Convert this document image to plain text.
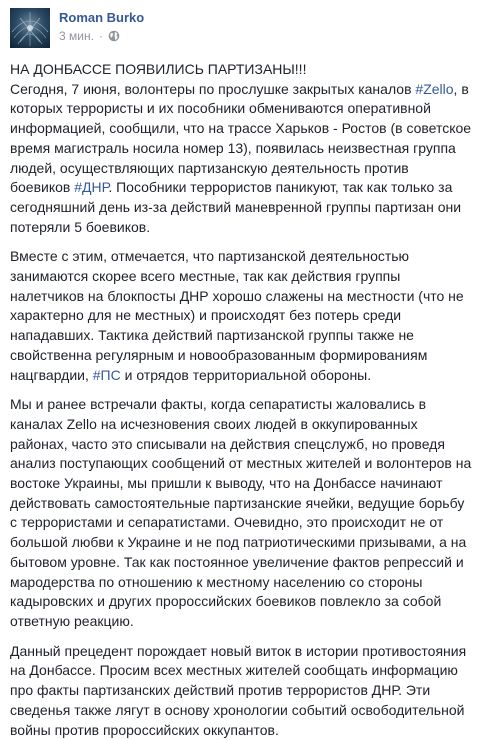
Roman Burko
3 мин. ·

НА ДОНБАССЕ ПОЯВИЛИСЬ ПАРТИЗАНЫ!!!
Сегодня, 7 июня, волонтеры по прослушке закрытых каналов #Zello, в которых террористы и их пособники обмениваются оперативной информацией, сообщили, что на трассе Харьков - Ростов (в советское время магистраль носила номер 13), появилась неизвестная группа людей, осуществляющих партизанскую деятельность против боевиков #ДНР. Пособники террористов паникуют, так как только за сегодняшний день из-за действий маневренной группы партизан они потеряли 5 боевиков.

Вместе с этим, отмечается, что партизанской деятельностью занимаются скорее всего местные, так как действия группы налетчиков на блокпосты ДНР хорошо слажены на местности (что не характерно для не местных) и происходят без потерь среди нападавших. Тактика действий партизанской группы также не свойственна регулярным и новообразованным формированиям нацгвардии, #ПС и отрядов территориальной обороны.

Мы и ранее встречали факты, когда сепаратисты жаловались в каналах Zello на исчезновения своих людей в оккупированных районах, часто это списывали на действия спецслужб, но проведя анализ поступающих сообщений от местных жителей и волонтеров на востоке Украины, мы пришли к выводу, что на Донбассе начинают действовать самостоятельные партизанские ячейки, ведущие борьбу с террористами и сепаратистами. Очевидно, это происходит не от большой любви к Украине и не под патриотическими призывами, а на бытовом уровне. Так как постоянное увеличение фактов репрессий и мародерства по отношению к местному населению со стороны кадыровских и других пророссийских боевиков повлекло за собой ответную реакцию.

Данный прецедент порождает новый виток в истории противостояния на Донбассе. Просим всех местных жителей сообщать информацию про факты партизанских действий против террористов ДНР. Эти сведенья также лягут в основу хронологии событий освободительной войны против пророссийских оккупантов.
